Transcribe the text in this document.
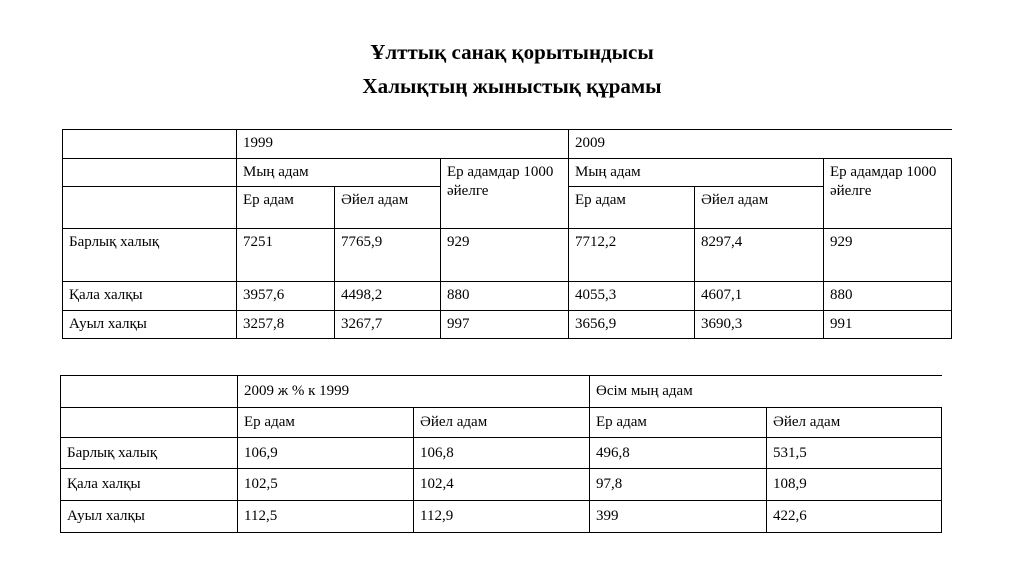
Ұлттық санақ қорытындысы
Халықтың жыныстық құрамы
	1999			2009		
	Мың адам		Ер адамдар 1000 әйелге	Мың адам		Ер адамдар 1000 әйелге
	Ер адам	Әйел адам		Ер адам	Әйел адам	
Барлық халық	7251	7765,9	929	7712,2	8297,4	929
Қала халқы	3957,6	4498,2	880	4055,3	4607,1	880
Ауыл халқы	3257,8	3267,7	997	3656,9	3690,3	991
	2009 ж % к 1999		Өсім мың адам	
	Ер адам	Әйел адам	Ер адам	Әйел адам
Барлық халық	106,9	106,8	496,8	531,5
Қала халқы	102,5	102,4	97,8	108,9
Ауыл халқы	112,5	112,9	399	422,6
